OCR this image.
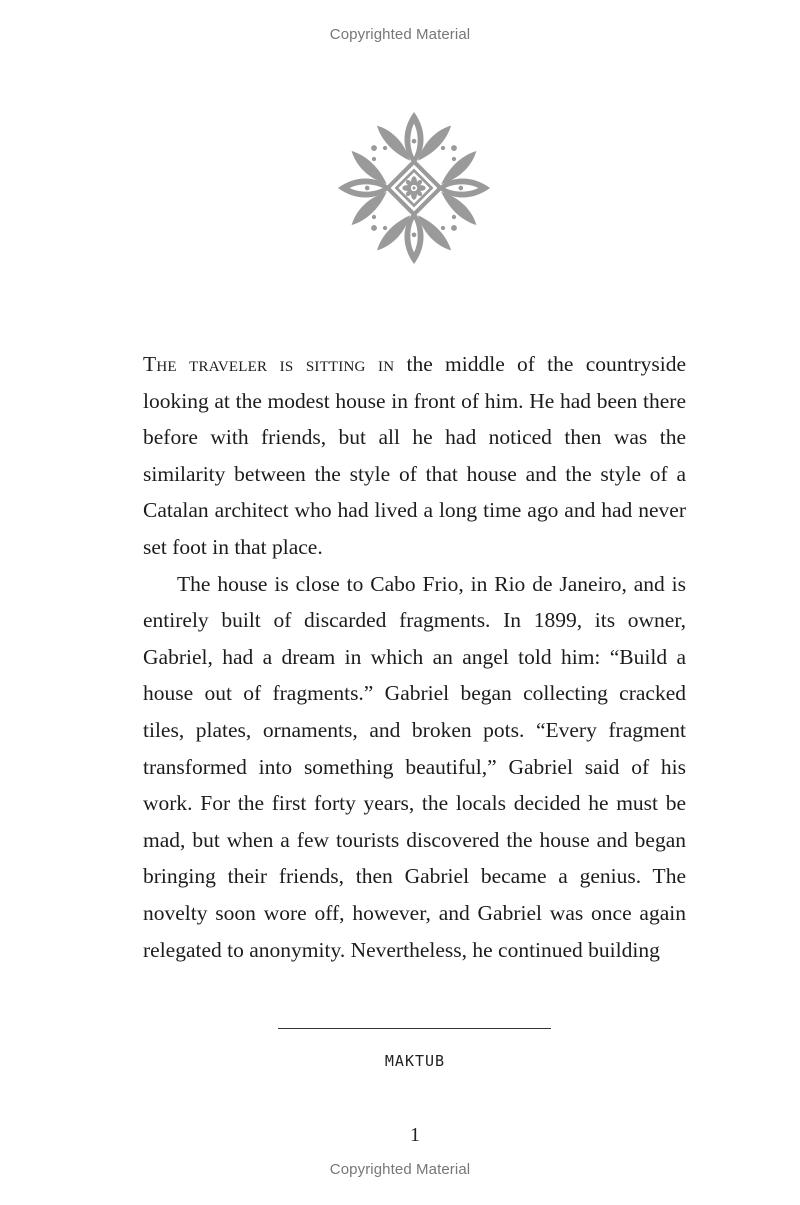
Copyrighted Material

The traveler is sitting in the middle of the countryside looking at the modest house in front of him. He had been there before with friends, but all he had noticed then was the similarity between the style of that house and the style of a Catalan architect who had lived a long time ago and had never set foot in that place.

The house is close to Cabo Frio, in Rio de Janeiro, and is entirely built of discarded fragments. In 1899, its owner, Gabriel, had a dream in which an angel told him: “Build a house out of fragments.” Gabriel began collecting cracked tiles, plates, ornaments, and broken pots. “Every fragment transformed into something beautiful,” Gabriel said of his work. For the first forty years, the locals decided he must be mad, but when a few tourists discovered the house and began bringing their friends, then Gabriel became a genius. The novelty soon wore off, however, and Gabriel was once again relegated to anonymity. Nevertheless, he continued building

MAKTUB
1
Copyrighted Material
